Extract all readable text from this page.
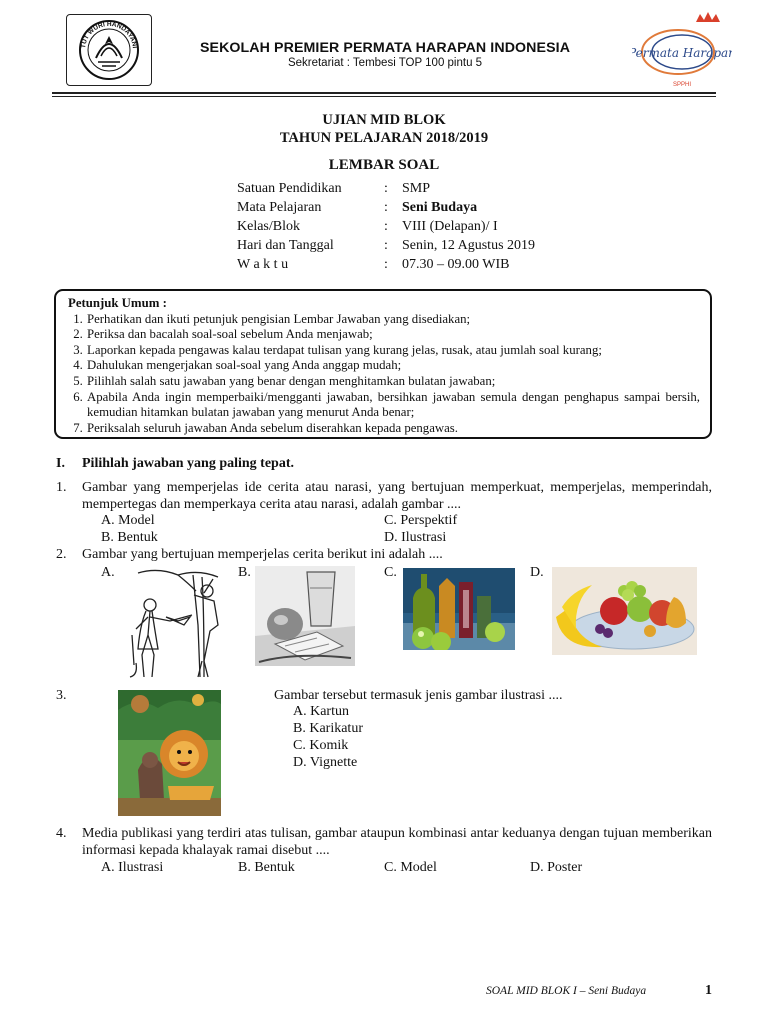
TUT WURI HANDAYANI	SEKOLAH PREMIER PERMATA HARAPAN INDONESIA
Sekretariat : Tembesi TOP 100 pintu 5
Permata Harapan
SPPHI
UJIAN MID BLOK
TAHUN PELAJARAN 2018/2019
LEMBAR SOAL
Satuan Pendidikan	:	SMP
Mata Pelajaran	:	Seni Budaya
Kelas/Blok	:	VIII (Delapan)/ I
Hari dan Tanggal	:	Senin, 12 Agustus 2019
W a k t u	:	07.30 – 09.00 WIB
Petunjuk Umum :
1. Perhatikan dan ikuti petunjuk pengisian Lembar Jawaban yang disediakan;
2. Periksa dan bacalah soal-soal sebelum Anda menjawab;
3. Laporkan kepada pengawas kalau terdapat tulisan yang kurang jelas, rusak, atau jumlah soal kurang;
4. Dahulukan mengerjakan soal-soal yang Anda anggap mudah;
5. Pilihlah salah satu jawaban yang benar dengan menghitamkan bulatan jawaban;
6. Apabila Anda ingin memperbaiki/mengganti jawaban, bersihkan jawaban semula dengan penghapus sampai bersih, kemudian hitamkan bulatan jawaban yang menurut Anda benar;
7. Periksalah seluruh jawaban Anda sebelum diserahkan kepada pengawas.
I. Pilihlah jawaban yang paling tepat.
1. Gambar yang memperjelas ide cerita atau narasi, yang bertujuan memperkuat, memperjelas, memperindah, mempertegas dan memperkaya cerita atau narasi, adalah gambar ....
A. Model	C. Perspektif
B. Bentuk	D. Ilustrasi
2. Gambar yang bertujuan memperjelas cerita berikut ini adalah ....
A.	B.	C.	D.
3.	Gambar tersebut termasuk jenis gambar ilustrasi ....
A. Kartun
B. Karikatur
C. Komik
D. Vignette
4. Media publikasi yang terdiri atas tulisan, gambar ataupun kombinasi antar keduanya dengan tujuan memberikan informasi kepada khalayak ramai disebut ....
A. Ilustrasi	B. Bentuk	C. Model	D. Poster
SOAL MID BLOK I – Seni Budaya	1
